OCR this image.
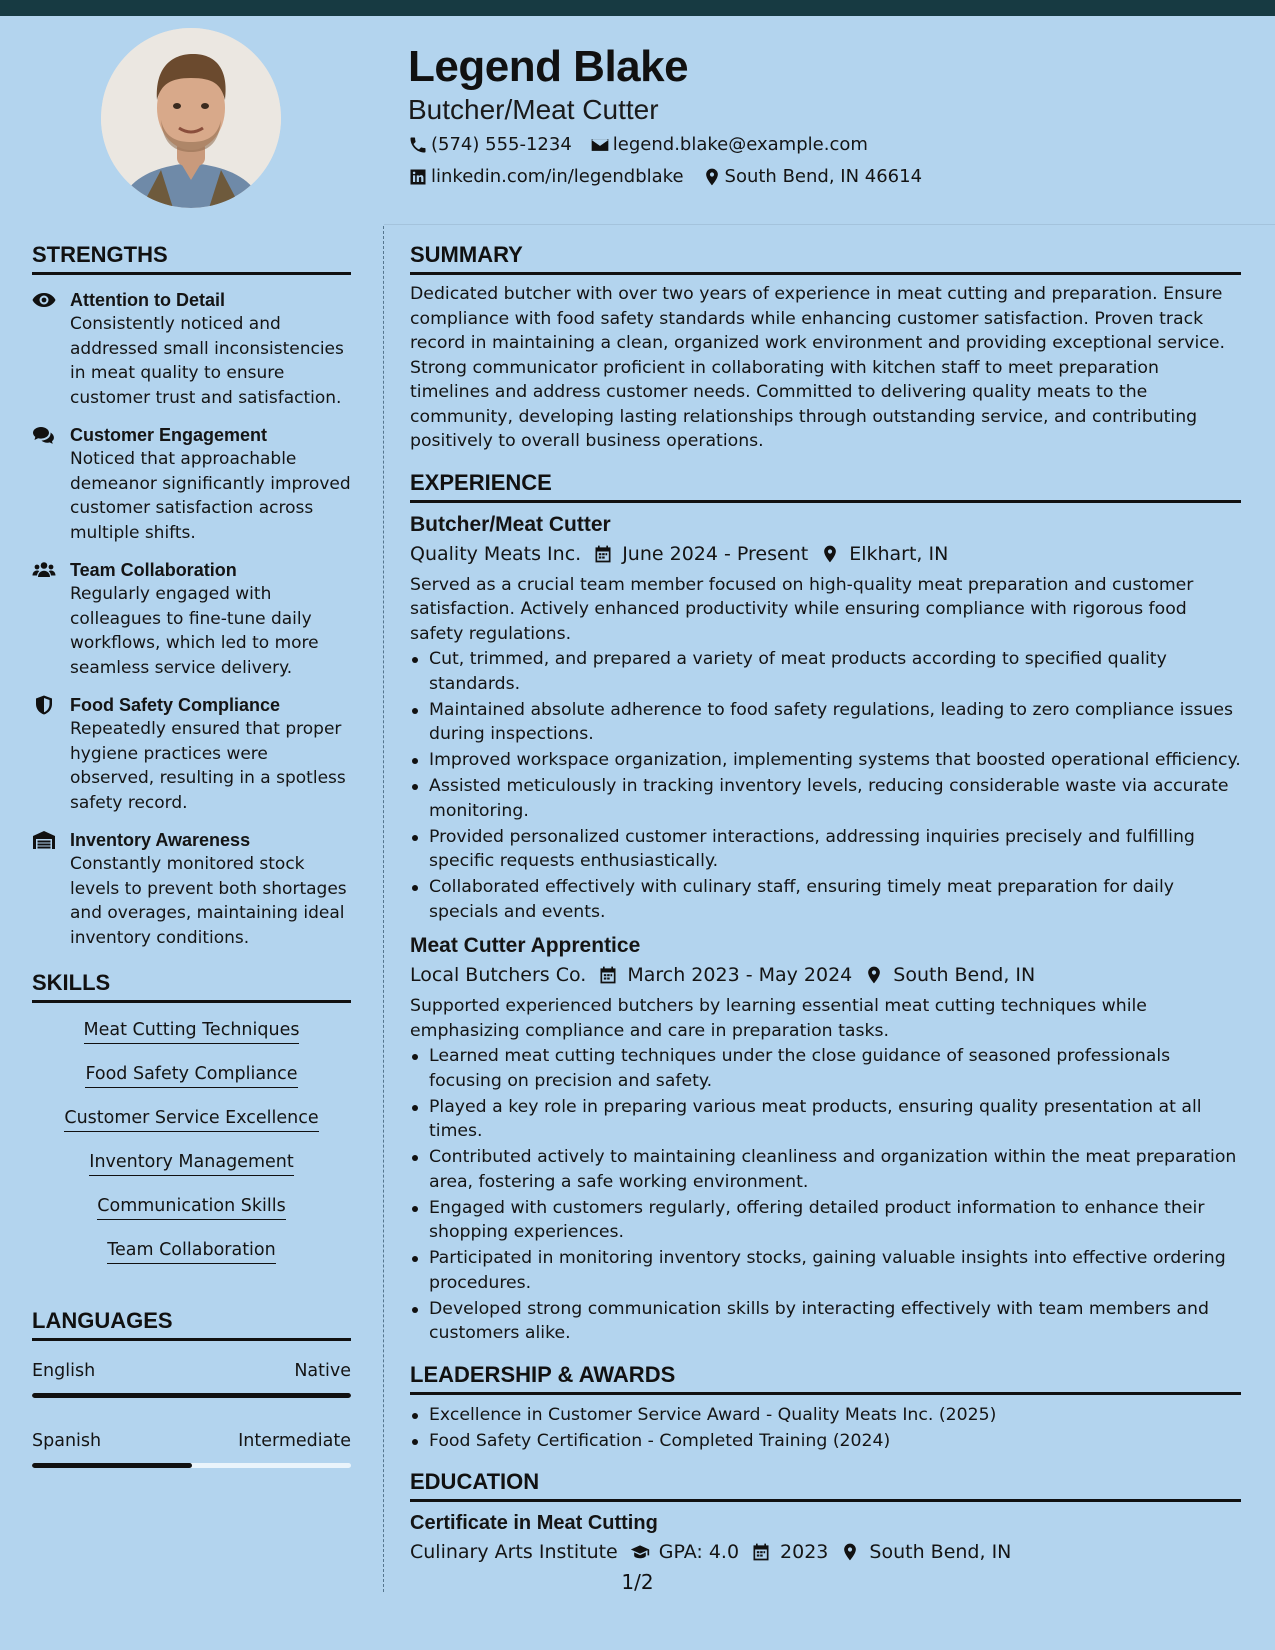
Legend Blake
Butcher/Meat Cutter
(574) 555-1234 legend.blake@example.com
linkedin.com/in/legendblake South Bend, IN 46614
STRENGTHS
Attention to Detail
Consistently noticed and addressed small inconsistencies in meat quality to ensure customer trust and satisfaction.
Customer Engagement
Noticed that approachable demeanor significantly improved customer satisfaction across multiple shifts.
Team Collaboration
Regularly engaged with colleagues to fine-tune daily workflows, which led to more seamless service delivery.
Food Safety Compliance
Repeatedly ensured that proper hygiene practices were observed, resulting in a spotless safety record.
Inventory Awareness
Constantly monitored stock levels to prevent both shortages and overages, maintaining ideal inventory conditions.
SKILLS
Meat Cutting Techniques
Food Safety Compliance
Customer Service Excellence
Inventory Management
Communication Skills
Team Collaboration
LANGUAGES
English	Native
Spanish	Intermediate
SUMMARY
Dedicated butcher with over two years of experience in meat cutting and preparation. Ensure compliance with food safety standards while enhancing customer satisfaction. Proven track record in maintaining a clean, organized work environment and providing exceptional service. Strong communicator proficient in collaborating with kitchen staff to meet preparation timelines and address customer needs. Committed to delivering quality meats to the community, developing lasting relationships through outstanding service, and contributing positively to overall business operations.
EXPERIENCE
Butcher/Meat Cutter
Quality Meats Inc. June 2024 - Present Elkhart, IN
Served as a crucial team member focused on high-quality meat preparation and customer satisfaction. Actively enhanced productivity while ensuring compliance with rigorous food safety regulations.
Cut, trimmed, and prepared a variety of meat products according to specified quality standards.
Maintained absolute adherence to food safety regulations, leading to zero compliance issues during inspections.
Improved workspace organization, implementing systems that boosted operational efficiency.
Assisted meticulously in tracking inventory levels, reducing considerable waste via accurate monitoring.
Provided personalized customer interactions, addressing inquiries precisely and fulfilling specific requests enthusiastically.
Collaborated effectively with culinary staff, ensuring timely meat preparation for daily specials and events.
Meat Cutter Apprentice
Local Butchers Co. March 2023 - May 2024 South Bend, IN
Supported experienced butchers by learning essential meat cutting techniques while emphasizing compliance and care in preparation tasks.
Learned meat cutting techniques under the close guidance of seasoned professionals focusing on precision and safety.
Played a key role in preparing various meat products, ensuring quality presentation at all times.
Contributed actively to maintaining cleanliness and organization within the meat preparation area, fostering a safe working environment.
Engaged with customers regularly, offering detailed product information to enhance their shopping experiences.
Participated in monitoring inventory stocks, gaining valuable insights into effective ordering procedures.
Developed strong communication skills by interacting effectively with team members and customers alike.
LEADERSHIP & AWARDS
Excellence in Customer Service Award - Quality Meats Inc. (2025)
Food Safety Certification - Completed Training (2024)
EDUCATION
Certificate in Meat Cutting
Culinary Arts Institute GPA: 4.0 2023 South Bend, IN
1/2
